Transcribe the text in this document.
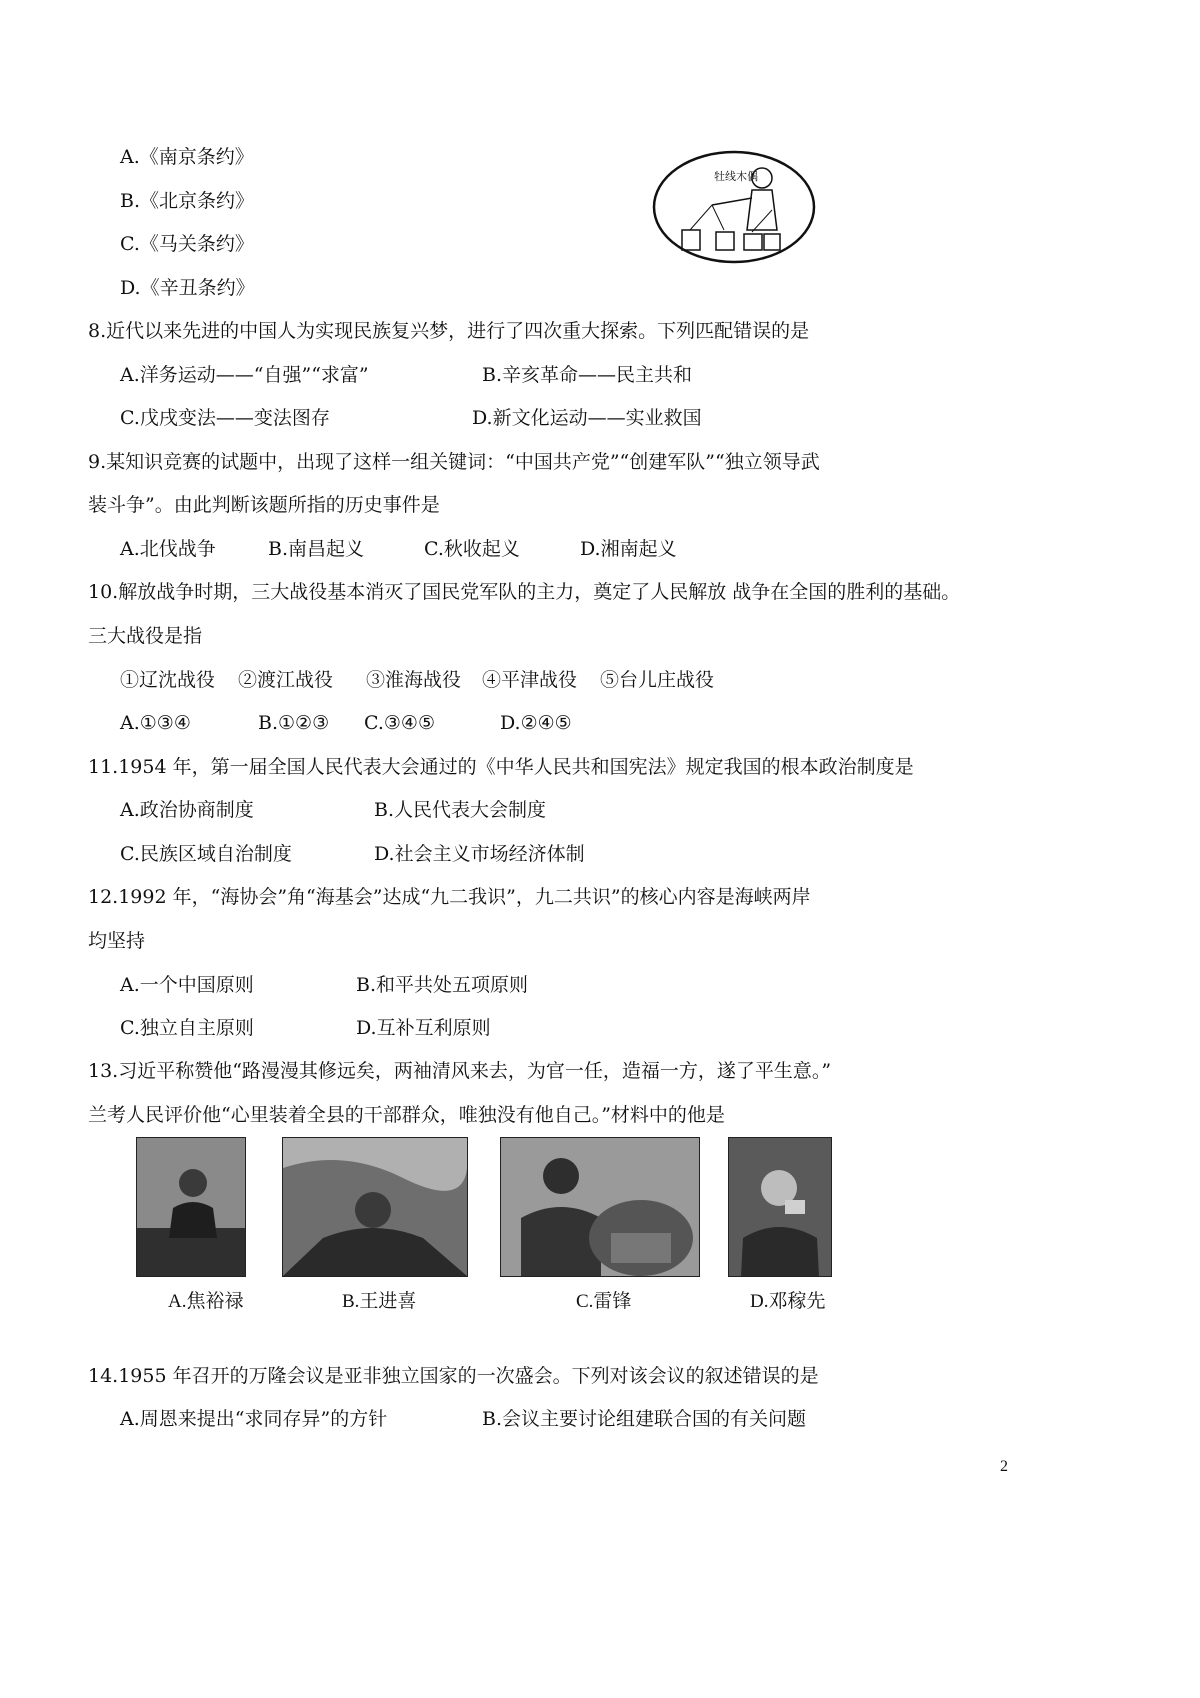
A.《南京条约》
B.《北京条约》
C.《马关条约》
D.《辛丑条约》
牡线木偶
8.近代以来先进的中国人为实现民族复兴梦，进行了四次重大探索。下列匹配错误的是
A.洋务运动——“自强”“求富”	B.辛亥革命——民主共和
C.戊戌变法——变法图存	D.新文化运动——实业救国
9.某知识竞赛的试题中，出现了这样一组关键词：“中国共产党”“创建军队”“独立领导武
装斗争”。由此判断该题所指的历史事件是
A.北伐战争	B.南昌起义	C.秋收起义	D.湘南起义
10.解放战争时期，三大战役基本消灭了国民党军队的主力，奠定了人民解放 战争在全国的胜利的基础。
三大战役是指
①辽沈战役 ②渡江战役 ③淮海战役 ④平津战役 ⑤台儿庄战役
A.①③④	B.①②③ C.③④⑤	D.②④⑤
11.1954 年，第一届全国人民代表大会通过的《中华人民共和国宪法》规定我国的根本政治制度是
A.政治协商制度	B.人民代表大会制度
C.民族区域自治制度	D.社会主义市场经济体制
12.1992 年，“海协会”角“海基会”达成“九二我识”，九二共识”的核心内容是海峡两岸
均坚持
A.一个中国原则	B.和平共处五项原则
C.独立自主原则	D.互补互利原则
13.习近平称赞他“路漫漫其修远矣，两袖清风来去，为官一任，造福一方，遂了平生意。”
兰考人民评价他“心里装着全县的干部群众，唯独没有他自己。”材料中的他是
A.焦裕禄	B.王进喜	C.雷锋	D.邓稼先
14.1955 年召开的万隆会议是亚非独立国家的一次盛会。下列对该会议的叙述错误的是
A.周恩来提出“求同存异”的方针	B.会议主要讨论组建联合国的有关问题
2
